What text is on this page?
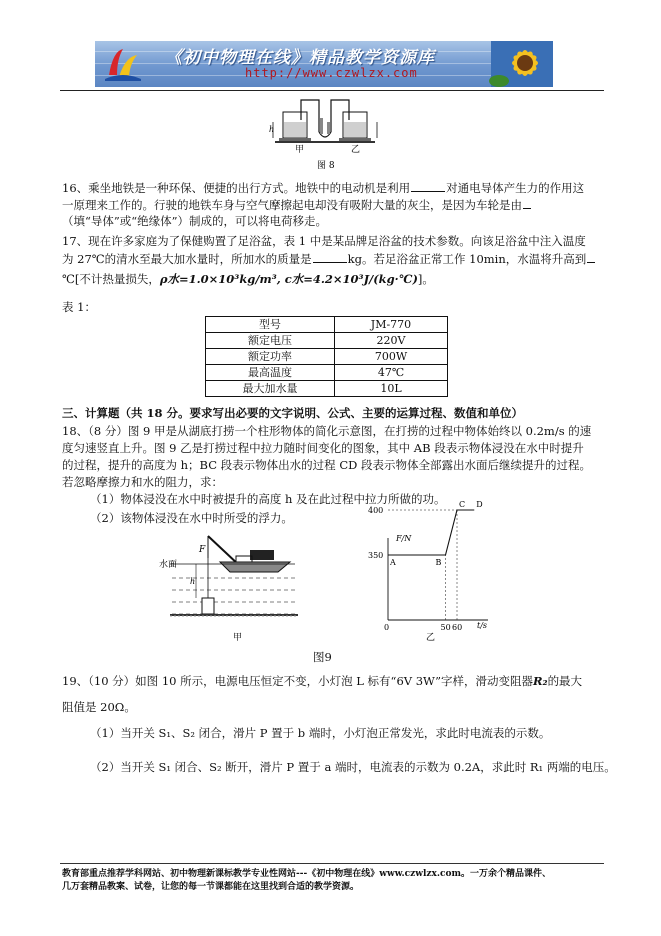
《初中物理在线》精品教学资源库
http://www.czwlzx.com
h
甲	乙
图 8
16、乘坐地铁是一种环保、便捷的出行方式。地铁中的电动机是利用	对通电导体产生力的作用这
一原理来工作的。行驶的地铁车身与空气摩擦起电却没有吸附大量的灰尘，是因为车轮是由
（填“导体”或“绝缘体”）制成的，可以将电荷移走。
17、现在许多家庭为了保健购置了足浴盆，表 1 中是某品牌足浴盆的技术参数。向该足浴盆中注入温度
为 27℃的清水至最大加水量时，所加水的质量是	kg。若足浴盆正常工作 10min，水温将升高到
℃[不计热量损失，ρ水=1.0×10³kg/m³, c水=4.2×10³J/(kg·℃)]。
表 1：
型号	JM-770
额定电压	220V
额定功率	700W
最高温度	47℃
最大加水量	10L
三、计算题（共 18 分。要求写出必要的文字说明、公式、主要的运算过程、数值和单位）
18、（8 分）图 9 甲是从湖底打捞一个柱形物体的简化示意图，在打捞的过程中物体始终以 0.2m/s 的速
度匀速竖直上升。图 9 乙是打捞过程中拉力随时间变化的图象，其中 AB 段表示物体浸没在水中时提升
的过程，提升的高度为 h；BC 段表示物体出水的过程 CD 段表示物体全部露出水面后继续提升的过程。
若忽略摩擦力和水的阻力，求：
（1）物体浸没在水中时被提升的高度 h 及在此过程中拉力所做的功。
（2）该物体浸没在水中时所受的浮力。
h
F
水面
甲
F/N
t/s
350
400
0	50 60
A	B
C D
乙
图9
19、（10 分）如图 10 所示，电源电压恒定不变，小灯泡 L 标有“6V 3W”字样，滑动变阻器R₂的最大
阻值是 20Ω。
（1）当开关 S₁、S₂ 闭合，滑片 P 置于 b 端时，小灯泡正常发光，求此时电流表的示数。
（2）当开关 S₁ 闭合、S₂ 断开，滑片 P 置于 a 端时，电流表的示数为 0.2A，求此时 R₁ 两端的电压。
教育部重点推荐学科网站、初中物理新课标教学专业性网站---《初中物理在线》www.czwlzx.com。一万余个精品课件、
几万套精品教案、试卷，让您的每一节课都能在这里找到合适的教学资源。
